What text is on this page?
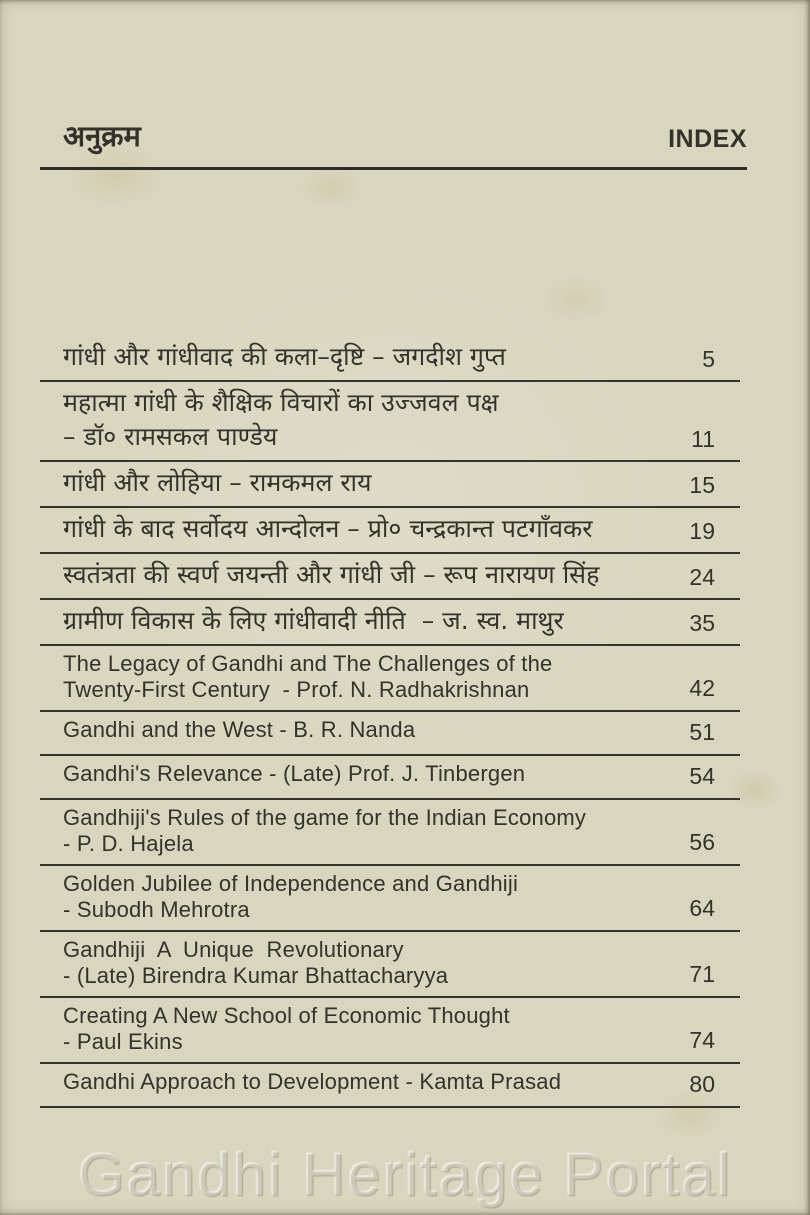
अनुक्रम	INDEX
गांधी और गांधीवाद की कला–दृष्टि – जगदीश गुप्त	5
महात्मा गांधी के शैक्षिक विचारों का उज्जवल पक्ष
– डॉ० रामसकल पाण्डेय	11
गांधी और लोहिया – रामकमल राय	15
गांधी के बाद सर्वोदय आन्दोलन – प्रो० चन्द्रकान्त पटगाँवकर	19
स्वतंत्रता की स्वर्ण जयन्ती और गांधी जी – रूप नारायण सिंह	24
ग्रामीण विकास के लिए गांधीवादी नीति  – ज. स्व. माथुर	35
The Legacy of Gandhi and The Challenges of the
Twenty-First Century  - Prof. N. Radhakrishnan	42
Gandhi and the West - B. R. Nanda	51
Gandhi's Relevance - (Late) Prof. J. Tinbergen	54
Gandhiji's Rules of the game for the Indian Economy
- P. D. Hajela	56
Golden Jubilee of Independence and Gandhiji
- Subodh Mehrotra	64
Gandhiji  A  Unique  Revolutionary
- (Late) Birendra Kumar Bhattacharyya	71
Creating A New School of Economic Thought
- Paul Ekins	74
Gandhi Approach to Development - Kamta Prasad	80
Gandhi Heritage Portal
